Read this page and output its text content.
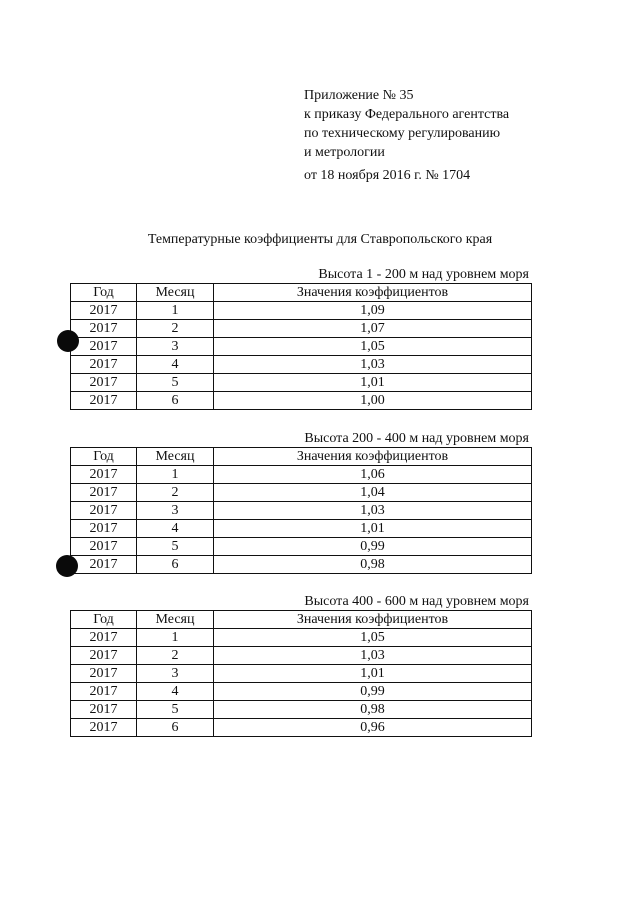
Приложение № 35
к приказу Федерального агентства
по техническому регулированию
и метрологии
от 18 ноября 2016 г. № 1704
Температурные коэффициенты для Ставропольского края
Высота 1 - 200 м над уровнем моря
Год	Месяц	Значения коэффициентов
2017	1	1,09
2017	2	1,07
2017	3	1,05
2017	4	1,03
2017	5	1,01
2017	6	1,00
Высота 200 - 400 м над уровнем моря
Год	Месяц	Значения коэффициентов
2017	1	1,06
2017	2	1,04
2017	3	1,03
2017	4	1,01
2017	5	0,99
2017	6	0,98
Высота 400 - 600 м над уровнем моря
Год	Месяц	Значения коэффициентов
2017	1	1,05
2017	2	1,03
2017	3	1,01
2017	4	0,99
2017	5	0,98
2017	6	0,96
